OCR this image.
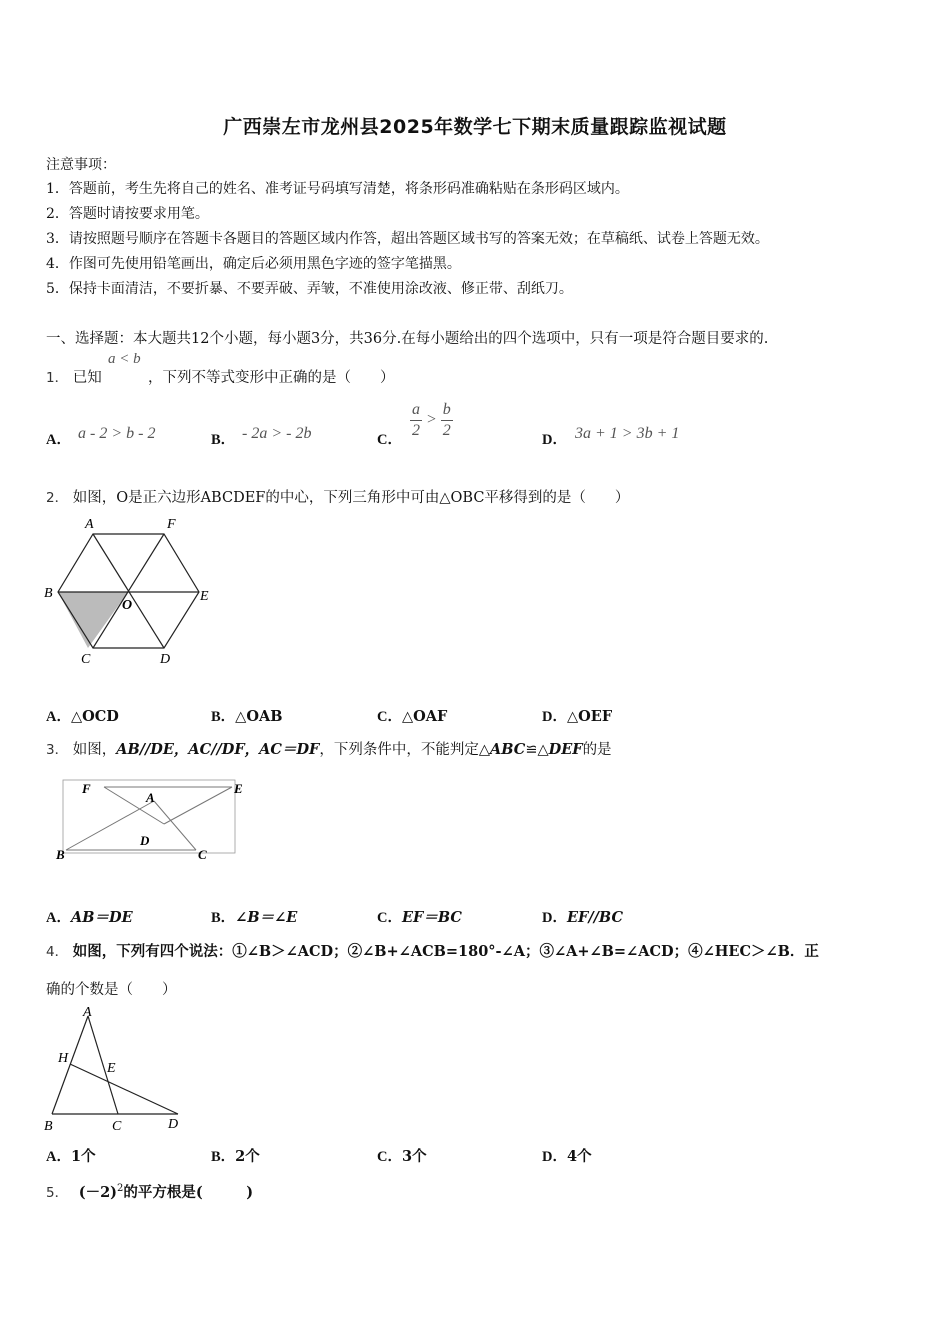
广西崇左市龙州县2025年数学七下期末质量跟踪监视试题
注意事项：
1．答题前，考生先将自己的姓名、准考证号码填写清楚，将条形码准确粘贴在条形码区域内。
2．答题时请按要求用笔。
3．请按照题号顺序在答题卡各题目的答题区域内作答，超出答题区域书写的答案无效；在草稿纸、试卷上答题无效。
4．作图可先使用铅笔画出，确定后必须用黑色字迹的签字笔描黑。
5．保持卡面清洁，不要折暴、不要弄破、弄皱，不准使用涂改液、修正带、刮纸刀。
一、选择题：本大题共12个小题，每小题3分，共36分.在每小题给出的四个选项中，只有一项是符合题目要求的.
1． 已知
a < b
，下列不等式变形中正确的是（　　）
A． a - 2 > b - 2	B． - 2a > - 2b	C． $\frac{a}{2} > \frac{b}{2}$	D． 3a + 1 > 3b + 1
2． 如图，O是正六边形ABCDEF的中心，下列三角形中可由△OBC平移得到的是（　　）
A	F
B
O
E
C	D
A．△OCD	B．△OAB	C．△OAF	D．△OEF
3． 如图，AB//DE，AC//DF，AC＝DF，下列条件中，不能判定△ABC≌△DEF的是
F
A
E
D
B	C
A．AB＝DE	B．∠B＝∠E	C．EF＝BC	D．EF//BC
4． 如图，下列有四个说法：①∠B＞∠ACD；②∠B+∠ACB=180°-∠A；③∠A+∠B=∠ACD；④∠HEC＞∠B．正
确的个数是（　　）
A
H
E
B	C	D
A．1个	B．2个	C．3个	D．4个
5． $(-2)^2$的平方根是(　　　)
